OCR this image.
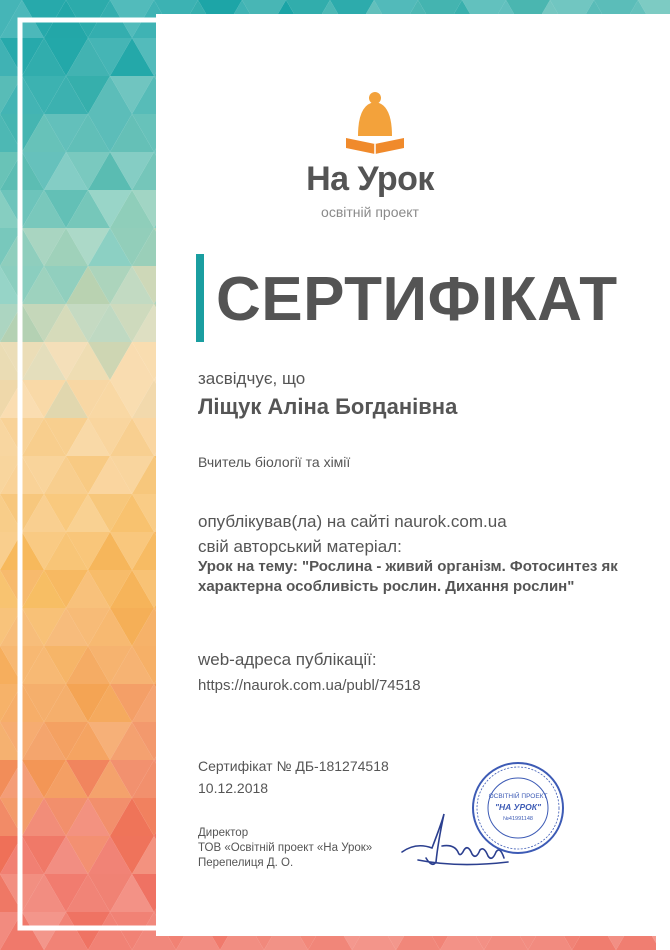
На Урок
освітній проект
СЕРТИФІКАТ
засвідчує, що
Ліщук Аліна Богданівна
Вчитель біології та хімії
опублікував(ла) на сайті naurok.com.ua
свій авторський матеріал:
Урок на тему: "Рослина - живий організм. Фотосинтез як характерна особливість рослин. Дихання рослин"
web-адреса публікації:
https://naurok.com.ua/publ/74518
Сертифікат № ДБ-181274518
10.12.2018
Директор
ТОВ «Освітній проект «На Урок»
Перепелиця Д. О.
ОСВІТНІЙ ПРОЕКТ
"НА УРОК"
№41991148
